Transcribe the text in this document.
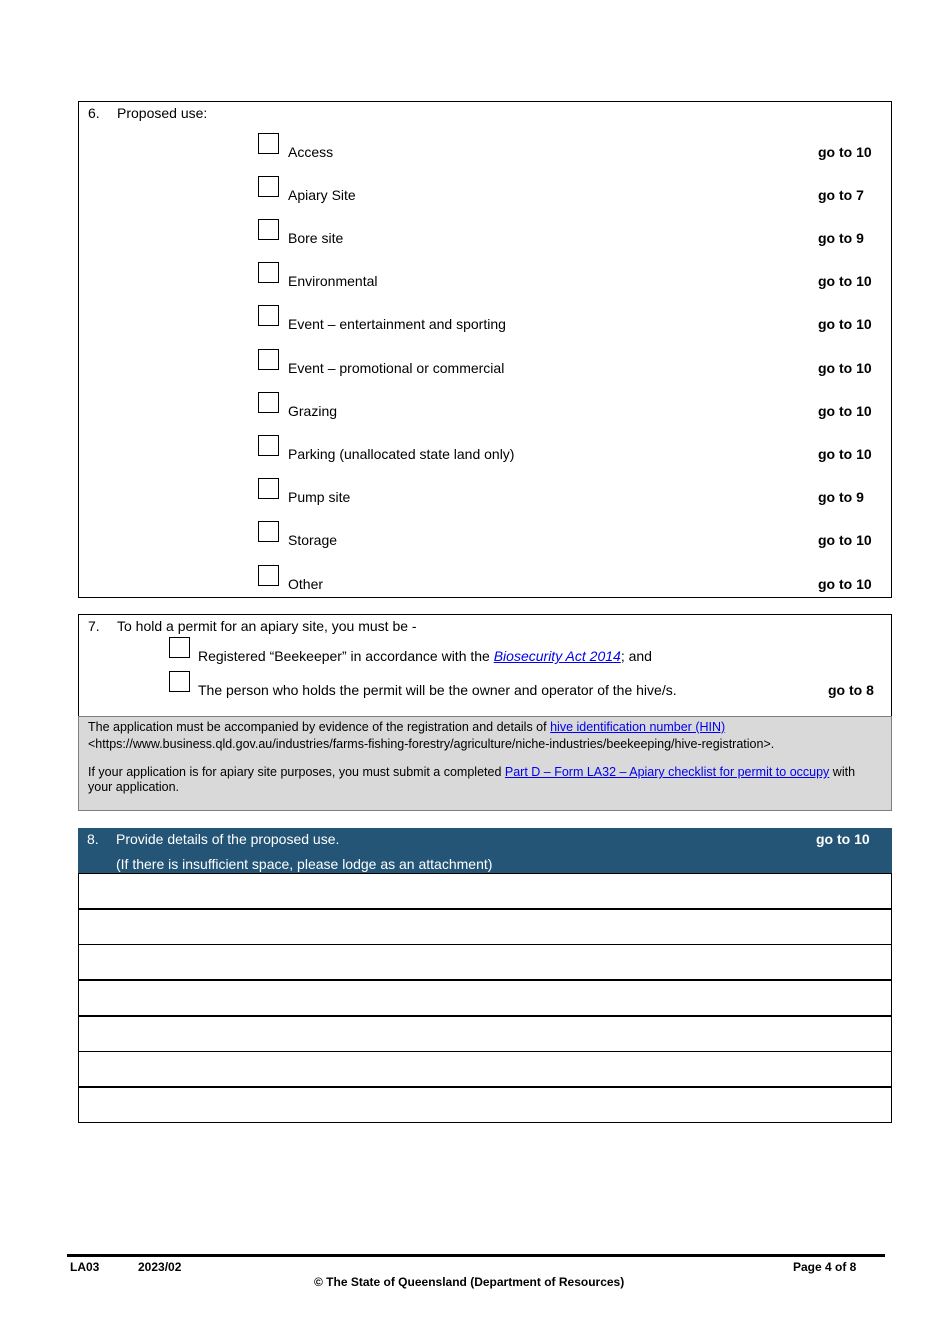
6. Proposed use:
Access	go to 10
Apiary Site	go to 7
Bore site	go to 9
Environmental	go to 10
Event – entertainment and sporting	go to 10
Event – promotional or commercial	go to 10
Grazing	go to 10
Parking (unallocated state land only)	go to 10
Pump site	go to 9
Storage	go to 10
Other	go to 10
7. To hold a permit for an apiary site, you must be -
Registered “Beekeeper” in accordance with the Biosecurity Act 2014; and
The person who holds the permit will be the owner and operator of the hive/s.	go to 8
The application must be accompanied by evidence of the registration and details of hive identification number (HIN)
<https://www.business.qld.gov.au/industries/farms-fishing-forestry/agriculture/niche-industries/beekeeping/hive-registration>.
If your application is for apiary site purposes, you must submit a completed Part D – Form LA32 – Apiary checklist for permit to occupy with your application.
8. Provide details of the proposed use.	go to 10
(If there is insufficient space, please lodge as an attachment)
LA03	2023/02	Page 4 of 8
© The State of Queensland (Department of Resources)
